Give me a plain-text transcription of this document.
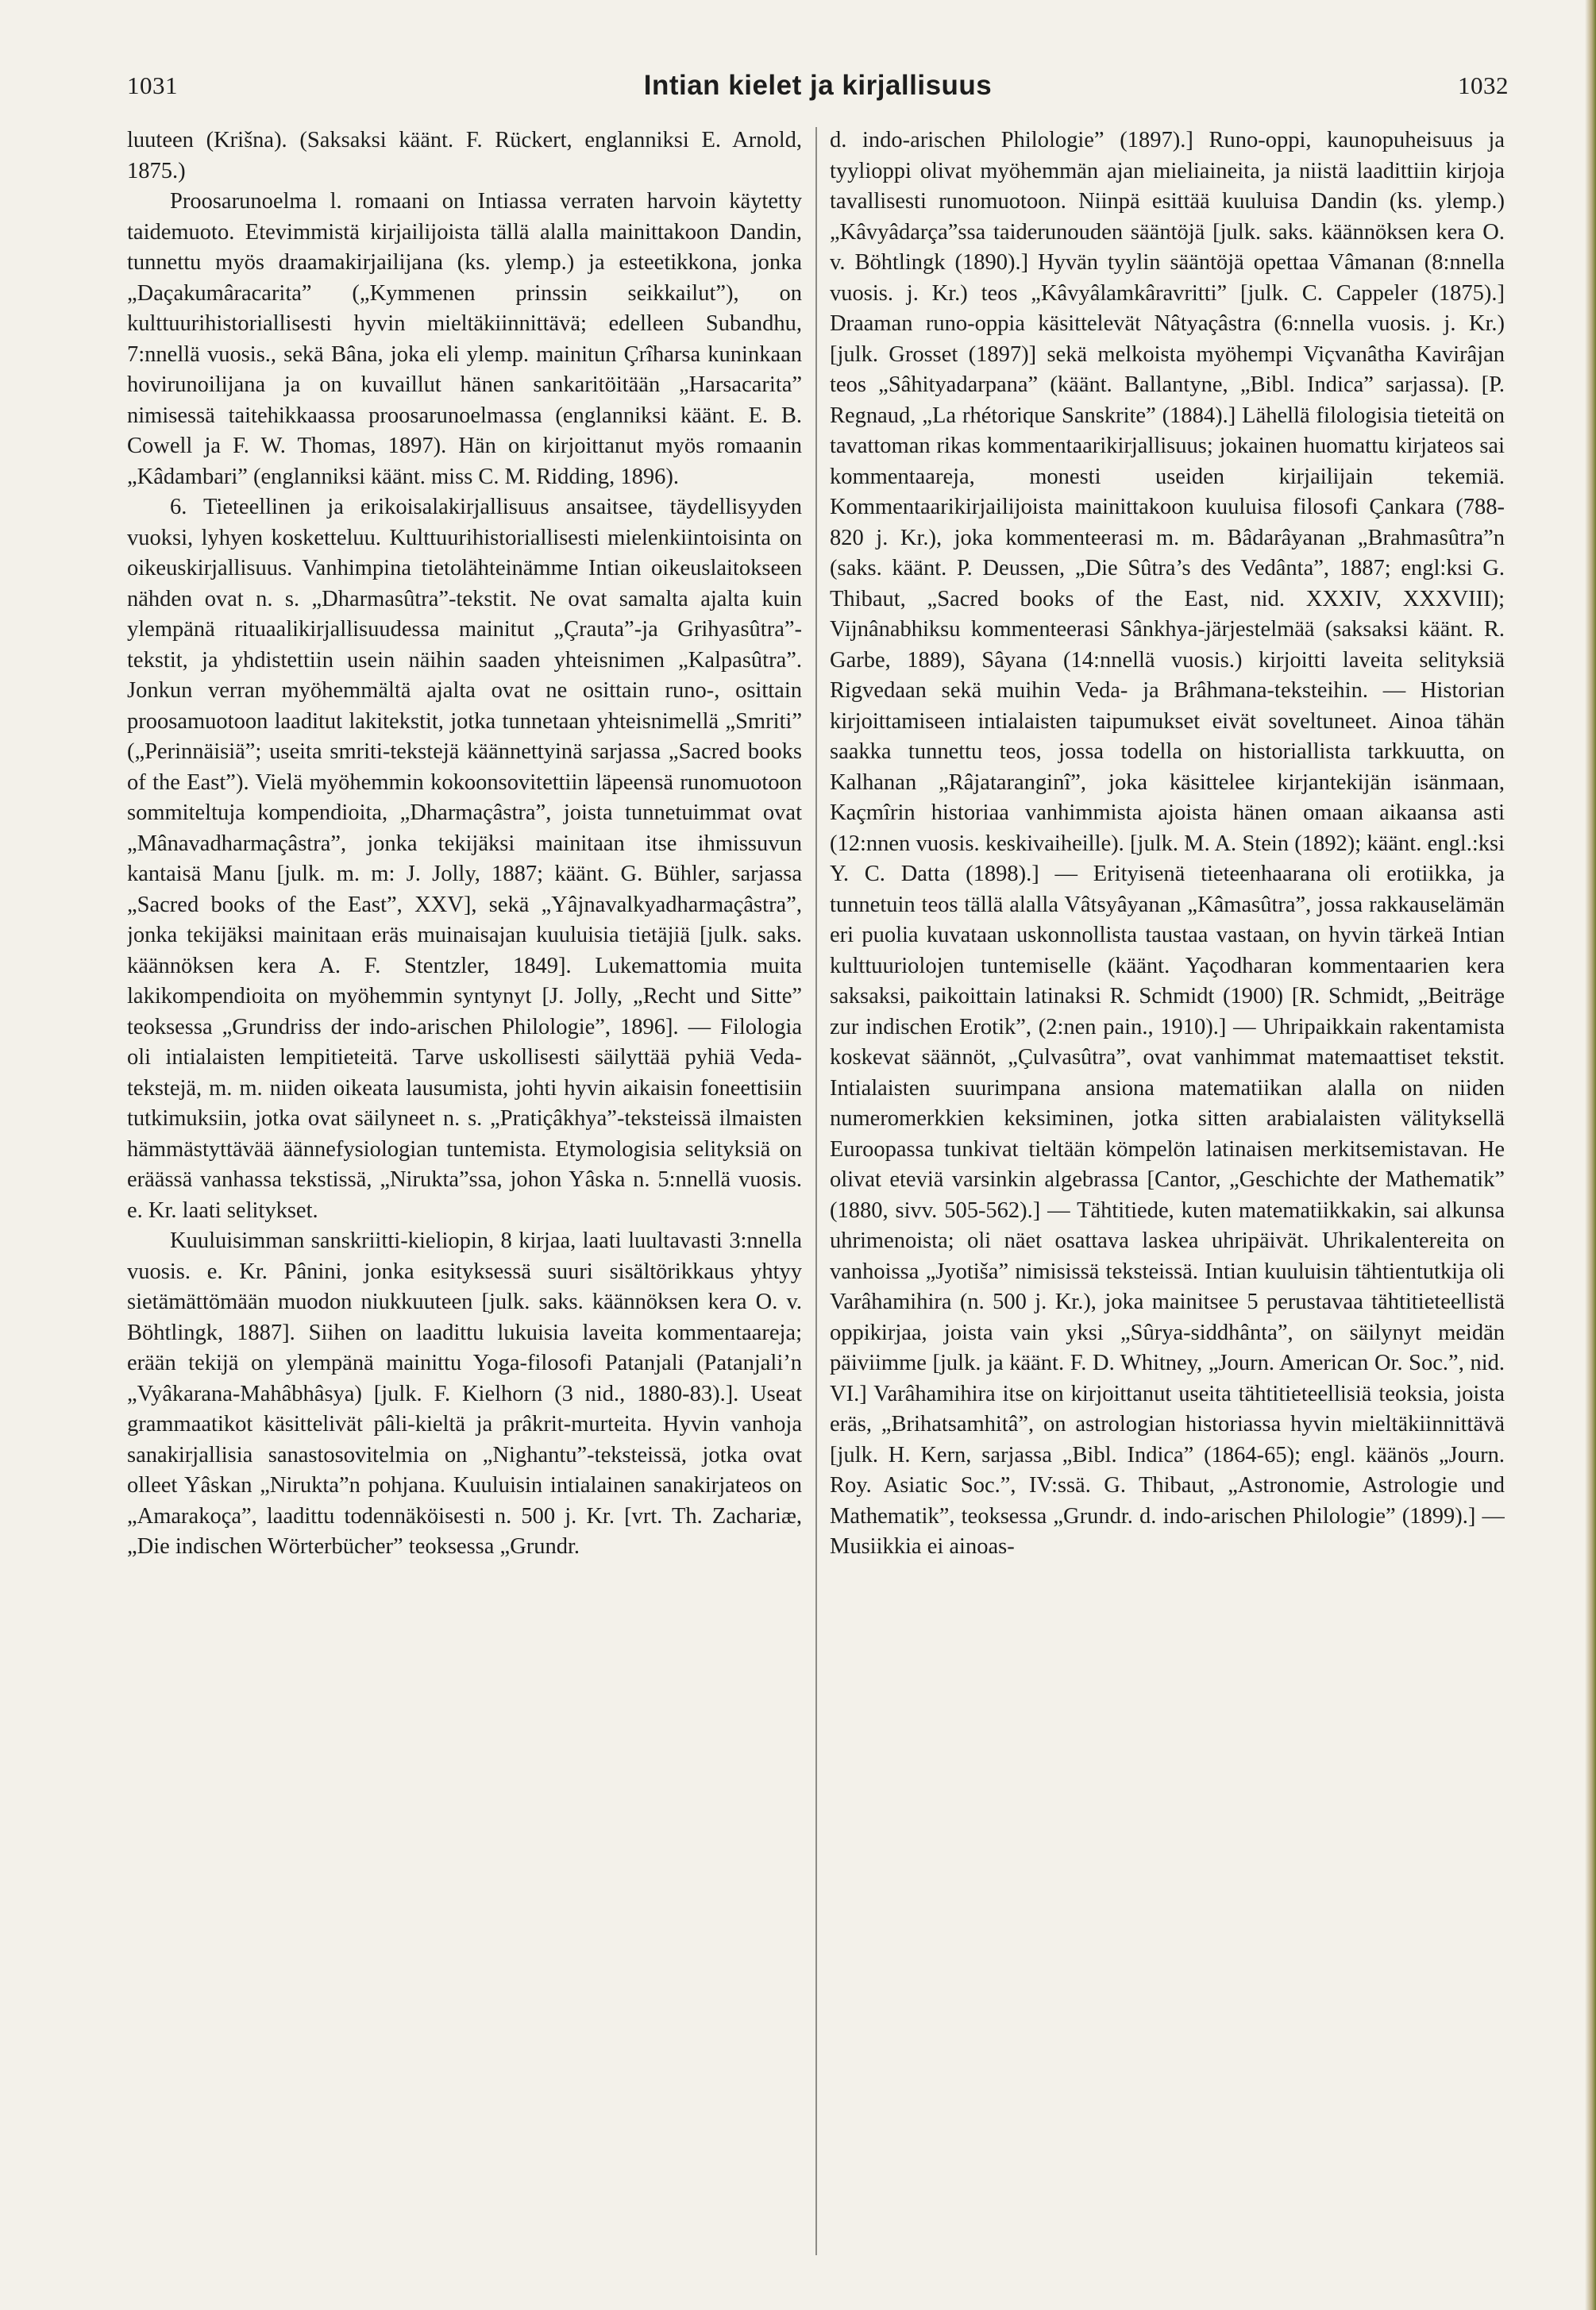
1031	Intian kielet ja kirjallisuus	1032

luuteen (Krišna). (Saksaksi käänt. F. Rückert, englanniksi E. Arnold, 1875.)

Proosarunoelma l. romaani on Intiassa verraten harvoin käytetty taidemuoto. Etevimmistä kirjailijoista tällä alalla mainittakoon Dandin, tunnettu myös draamakirjailijana (ks. ylemp.) ja esteetikkona, jonka „Daçakumâracarita” („Kymmenen prinssin seikkailut”), on kulttuurihistoriallisesti hyvin mieltäkiinnittävä; edelleen Subandhu, 7:nnellä vuosis., sekä Bâna, joka eli ylemp. mainitun Çrîharsa kuninkaan hovirunoilijana ja on kuvaillut hänen sankaritöitään „Harsacarita” nimisessä taitehikkaassa proosarunoelmassa (englanniksi käänt. E. B. Cowell ja F. W. Thomas, 1897). Hän on kirjoittanut myös romaanin „Kâdambari” (englanniksi käänt. miss C. M. Ridding, 1896).

6. Tieteellinen ja erikoisalakirjallisuus ansaitsee, täydellisyyden vuoksi, lyhyen kosketteluu. Kulttuurihistoriallisesti mielenkiintoisinta on oikeuskirjallisuus. Vanhimpina tietolähteinämme Intian oikeuslaitokseen nähden ovat n. s. „Dharmasûtra”-tekstit. Ne ovat samalta ajalta kuin ylempänä rituaalikirjallisuudessa mainitut „Çrauta”-ja Grihyasûtra”-tekstit, ja yhdistettiin usein näihin saaden yhteisnimen „Kalpasûtra”. Jonkun verran myöhemmältä ajalta ovat ne osittain runo-, osittain proosamuotoon laaditut lakitekstit, jotka tunnetaan yhteisnimellä „Smriti” („Perinnäisiä”; useita smriti-tekstejä käännettyinä sarjassa „Sacred books of the East”). Vielä myöhemmin kokoonsovitettiin läpeensä runomuotoon sommiteltuja kompendioita, „Dharmaçâstra”, joista tunnetuimmat ovat „Mânavadharmaçâstra”, jonka tekijäksi mainitaan itse ihmissuvun kantaisä Manu [julk. m. m: J. Jolly, 1887; käänt. G. Bühler, sarjassa „Sacred books of the East”, XXV], sekä „Yâjnavalkyadharmaçâstra”, jonka tekijäksi mainitaan eräs muinaisajan kuuluisia tietäjiä [julk. saks. käännöksen kera A. F. Stentzler, 1849]. Lukemattomia muita lakikompendioita on myöhemmin syntynyt [J. Jolly, „Recht und Sitte” teoksessa „Grundriss der indo-arischen Philologie”, 1896]. — Filologia oli intialaisten lempitieteitä. Tarve uskollisesti säilyttää pyhiä Veda-tekstejä, m. m. niiden oikeata lausumista, johti hyvin aikaisin foneettisiin tutkimuksiin, jotka ovat säilyneet n. s. „Pratiçâkhya”-teksteissä ilmaisten hämmästyttävää äännefysiologian tuntemista. Etymologisia selityksiä on eräässä vanhassa tekstissä, „Nirukta”ssa, johon Yâska n. 5:nnellä vuosis. e. Kr. laati selitykset.

Kuuluisimman sanskriitti-kieliopin, 8 kirjaa, laati luultavasti 3:nnella vuosis. e. Kr. Pânini, jonka esityksessä suuri sisältörikkaus yhtyy sietämättömään muodon niukkuuteen [julk. saks. käännöksen kera O. v. Böhtlingk, 1887]. Siihen on laadittu lukuisia laveita kommentaareja; erään tekijä on ylempänä mainittu Yoga-filosofi Patanjali (Patanjali’n „Vyâkarana-Mahâbhâsya) [julk. F. Kielhorn (3 nid., 1880-83).]. Useat grammaatikot käsittelivät pâli-kieltä ja prâkrit-murteita. Hyvin vanhoja sanakirjallisia sanastosovitelmia on „Nighantu”-teksteissä, jotka ovat olleet Yâskan „Nirukta”n pohjana. Kuuluisin intialainen sanakirjateos on „Amarakoça”, laadittu todennäköisesti n. 500 j. Kr. [vrt. Th. Zachariæ, „Die indischen Wörterbücher” teoksessa „Grundr.

d. indo-arischen Philologie” (1897).] Runo-oppi, kaunopuheisuus ja tyylioppi olivat myöhemmän ajan mieliaineita, ja niistä laadittiin kirjoja tavallisesti runomuotoon. Niinpä esittää kuuluisa Dandin (ks. ylemp.) „Kâvyâdarça”ssa taiderunouden sääntöjä [julk. saks. käännöksen kera O. v. Böhtlingk (1890).] Hyvän tyylin sääntöjä opettaa Vâmanan (8:nnella vuosis. j. Kr.) teos „Kâvyâlamkâravritti” [julk. C. Cappeler (1875).] Draaman runo-oppia käsittelevät Nâtyaçâstra (6:nnella vuosis. j. Kr.) [julk. Grosset (1897)] sekä melkoista myöhempi Viçvanâtha Kavirâjan teos „Sâhityadarpana” (käänt. Ballantyne, „Bibl. Indica” sarjassa). [P. Regnaud, „La rhétorique Sanskrite” (1884).] Lähellä filologisia tieteitä on tavattoman rikas kommentaarikirjallisuus; jokainen huomattu kirjateos sai kommentaareja, monesti useiden kirjailijain tekemiä. Kommentaarikirjailijoista mainittakoon kuuluisa filosofi Çankara (788-820 j. Kr.), joka kommenteerasi m. m. Bâdarâyanan „Brahmasûtra”n (saks. käänt. P. Deussen, „Die Sûtra’s des Vedânta”, 1887; engl:ksi G. Thibaut, „Sacred books of the East, nid. XXXIV, XXXVIII); Vijnânabhiksu kommenteerasi Sânkhya-järjestelmää (saksaksi käänt. R. Garbe, 1889), Sâyana (14:nnellä vuosis.) kirjoitti laveita selityksiä Rigvedaan sekä muihin Veda- ja Brâhmana-teksteihin. — Historian kirjoittamiseen intialaisten taipumukset eivät soveltuneet. Ainoa tähän saakka tunnettu teos, jossa todella on historiallista tarkkuutta, on Kalhanan „Râjataranginî”, joka käsittelee kirjantekijän isänmaan, Kaçmîrin historiaa vanhimmista ajoista hänen omaan aikaansa asti (12:nnen vuosis. keskivaiheille). [julk. M. A. Stein (1892); käänt. engl.:ksi Y. C. Datta (1898).] — Erityisenä tieteenhaarana oli erotiikka, ja tunnetuin teos tällä alalla Vâtsyâyanan „Kâmasûtra”, jossa rakkauselämän eri puolia kuvataan uskonnollista taustaa vastaan, on hyvin tärkeä Intian kulttuuriolojen tuntemiselle (käänt. Yaçodharan kommentaarien kera saksaksi, paikoittain latinaksi R. Schmidt (1900) [R. Schmidt, „Beiträge zur indischen Erotik”, (2:nen pain., 1910).] — Uhripaikkain rakentamista koskevat säännöt, „Çulvasûtra”, ovat vanhimmat matemaattiset tekstit. Intialaisten suurimpana ansiona matematiikan alalla on niiden numeromerkkien keksiminen, jotka sitten arabialaisten välityksellä Euroopassa tunkivat tieltään kömpelön latinaisen merkitsemistavan. He olivat eteviä varsinkin algebrassa [Cantor, „Geschichte der Mathematik” (1880, sivv. 505-562).] — Tähtitiede, kuten matematiikkakin, sai alkunsa uhrimenoista; oli näet osattava laskea uhripäivät. Uhrikalentereita on vanhoissa „Jyotiša” nimisissä teksteissä. Intian kuuluisin tähtientutkija oli Varâhamihira (n. 500 j. Kr.), joka mainitsee 5 perustavaa tähtitieteellistä oppikirjaa, joista vain yksi „Sûrya-siddhânta”, on säilynyt meidän päiviimme [julk. ja käänt. F. D. Whitney, „Journ. American Or. Soc.”, nid. VI.] Varâhamihira itse on kirjoittanut useita tähtitieteellisiä teoksia, joista eräs, „Brihatsamhitâ”, on astrologian historiassa hyvin mieltäkiinnittävä [julk. H. Kern, sarjassa „Bibl. Indica” (1864-65); engl. käänös „Journ. Roy. Asiatic Soc.”, IV:ssä. G. Thibaut, „Astronomie, Astrologie und Mathematik”, teoksessa „Grundr. d. indo-arischen Philologie” (1899).] — Musiikkia ei ainoas-
